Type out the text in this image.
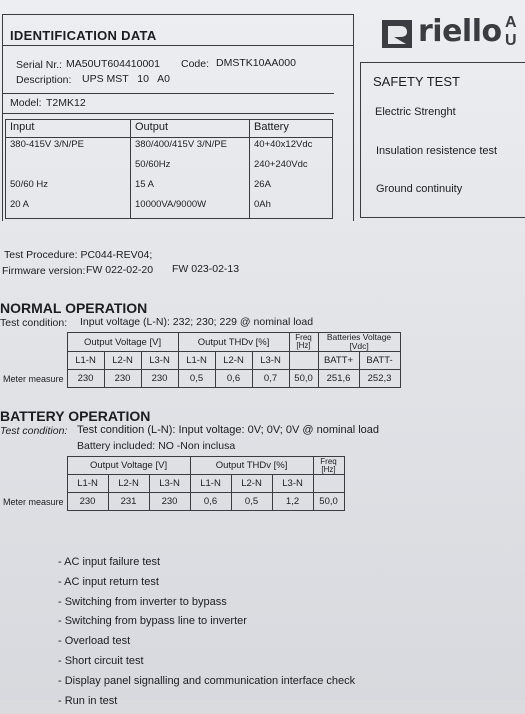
IDENTIFICATION DATA
Serial Nr.: MA50UT604410001 Code: DMSTK10AA000
Description: UPS MST   10   A0
Model: T2MK12
Input	Output	Battery
380-415V 3/N/PE	380/400/415V 3/N/PE	40+40x12Vdc
	50/60Hz	240+240Vdc
50/60 Hz	15 A	26A
20 A	10000VA/9000W	0Ah
riello A
U
SAFETY TEST
Electric Strenght
Insulation resistence test
Ground continuity
Test Procedure: PC044-REV04;
Firmware version: FW 022-02-20 FW 023-02-13
NORMAL OPERATION
Test condition: Input voltage (L-N): 232; 230; 229 @ nominal load
	Output Voltage [V]			Output THDv [%]			Freq [Hz]	Batteries Voltage [Vdc]	
	L1-N	L2-N	L3-N	L1-N	L2-N	L3-N		BATT+	BATT-
Meter measure	230	230	230	0,5	0,6	0,7	50,0	251,6	252,3
BATTERY OPERATION
Test condition: Test condition (L-N): Input voltage: 0V; 0V; 0V @ nominal load
Battery included: NO -Non inclusa
	Output Voltage [V]			Output THDv [%]			Freq [Hz]
	L1-N	L2-N	L3-N	L1-N	L2-N	L3-N	
Meter measure	230	231	230	0,6	0,5	1,2	50,0
- AC input failure test
- AC input return test
- Switching from inverter to bypass
- Switching from bypass line to inverter
- Overload test
- Short circuit test
- Display panel signalling and communication interface check
- Run in test
